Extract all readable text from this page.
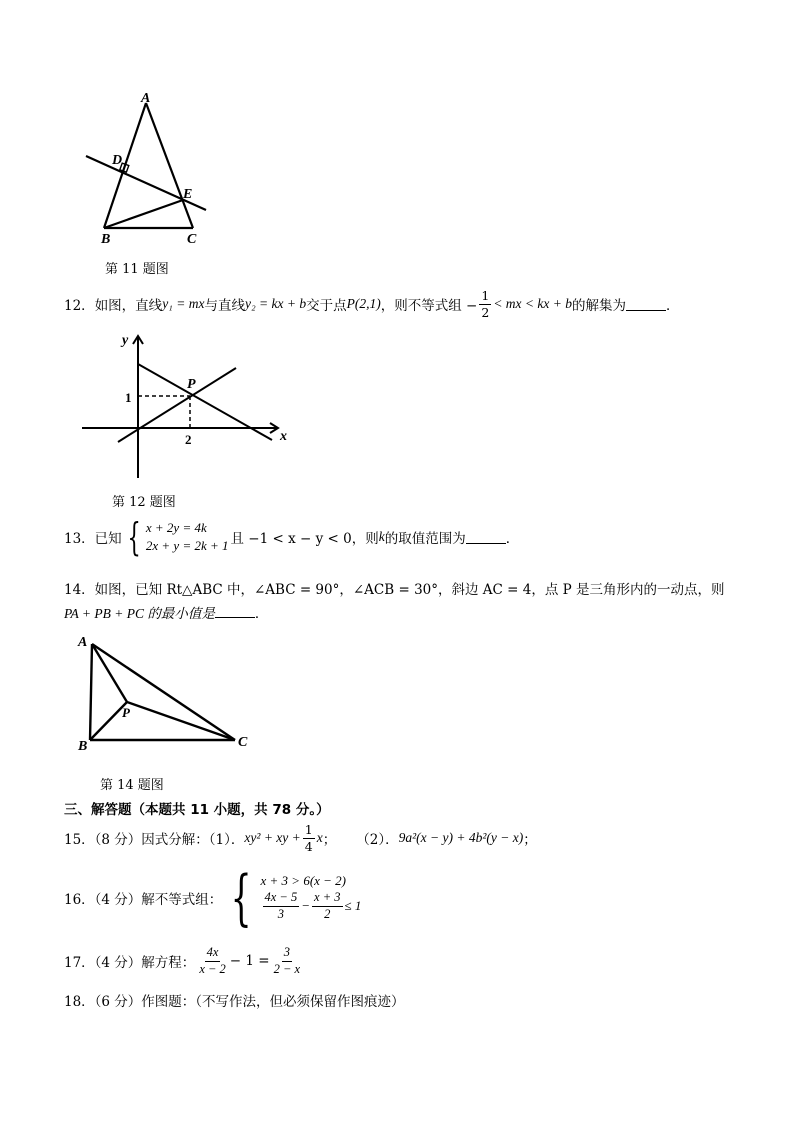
A
D
E
B	C
第 11 题图
12． 如图，直线 y₁ = mx 与直线 y₂ = kx + b 交于点 P(2,1) ，则不等式组 − $\frac{1}{2}$ < mx < kx + b 的解集为	．
y
x
1
2
P
第 12 题图
13．已知 { x + 2y = 4k
2x + y = 2k + 1 且 −1 < x − y < 0，则 k 的取值范围为	．
14．如图，已知 Rt△ABC 中，∠ABC = 90°，∠ACB = 30°，斜边 AC = 4，点 P 是三角形内的一动点，则
PA + PB + PC 的最小值是	．
A
B	C
P
第 14 题图
三、解答题（本题共 11 小题，共 78 分。）
15．（8 分）因式分解：（1）． xy² + xy + $\frac{1}{4}$ x ； （2）． 9a²(x − y) + 4b²(y − x) ；
16．（4 分）解不等式组： { x + 3 > 6(x − 2)
$\frac{4x - 5}{3} - \frac{x + 3}{2} \le 1$
17．（4 分）解方程： $\frac{4x}{x - 2} - 1 = \frac{3}{2 - x}$
18．（6 分）作图题：（不写作法，但必须保留作图痕迹）
